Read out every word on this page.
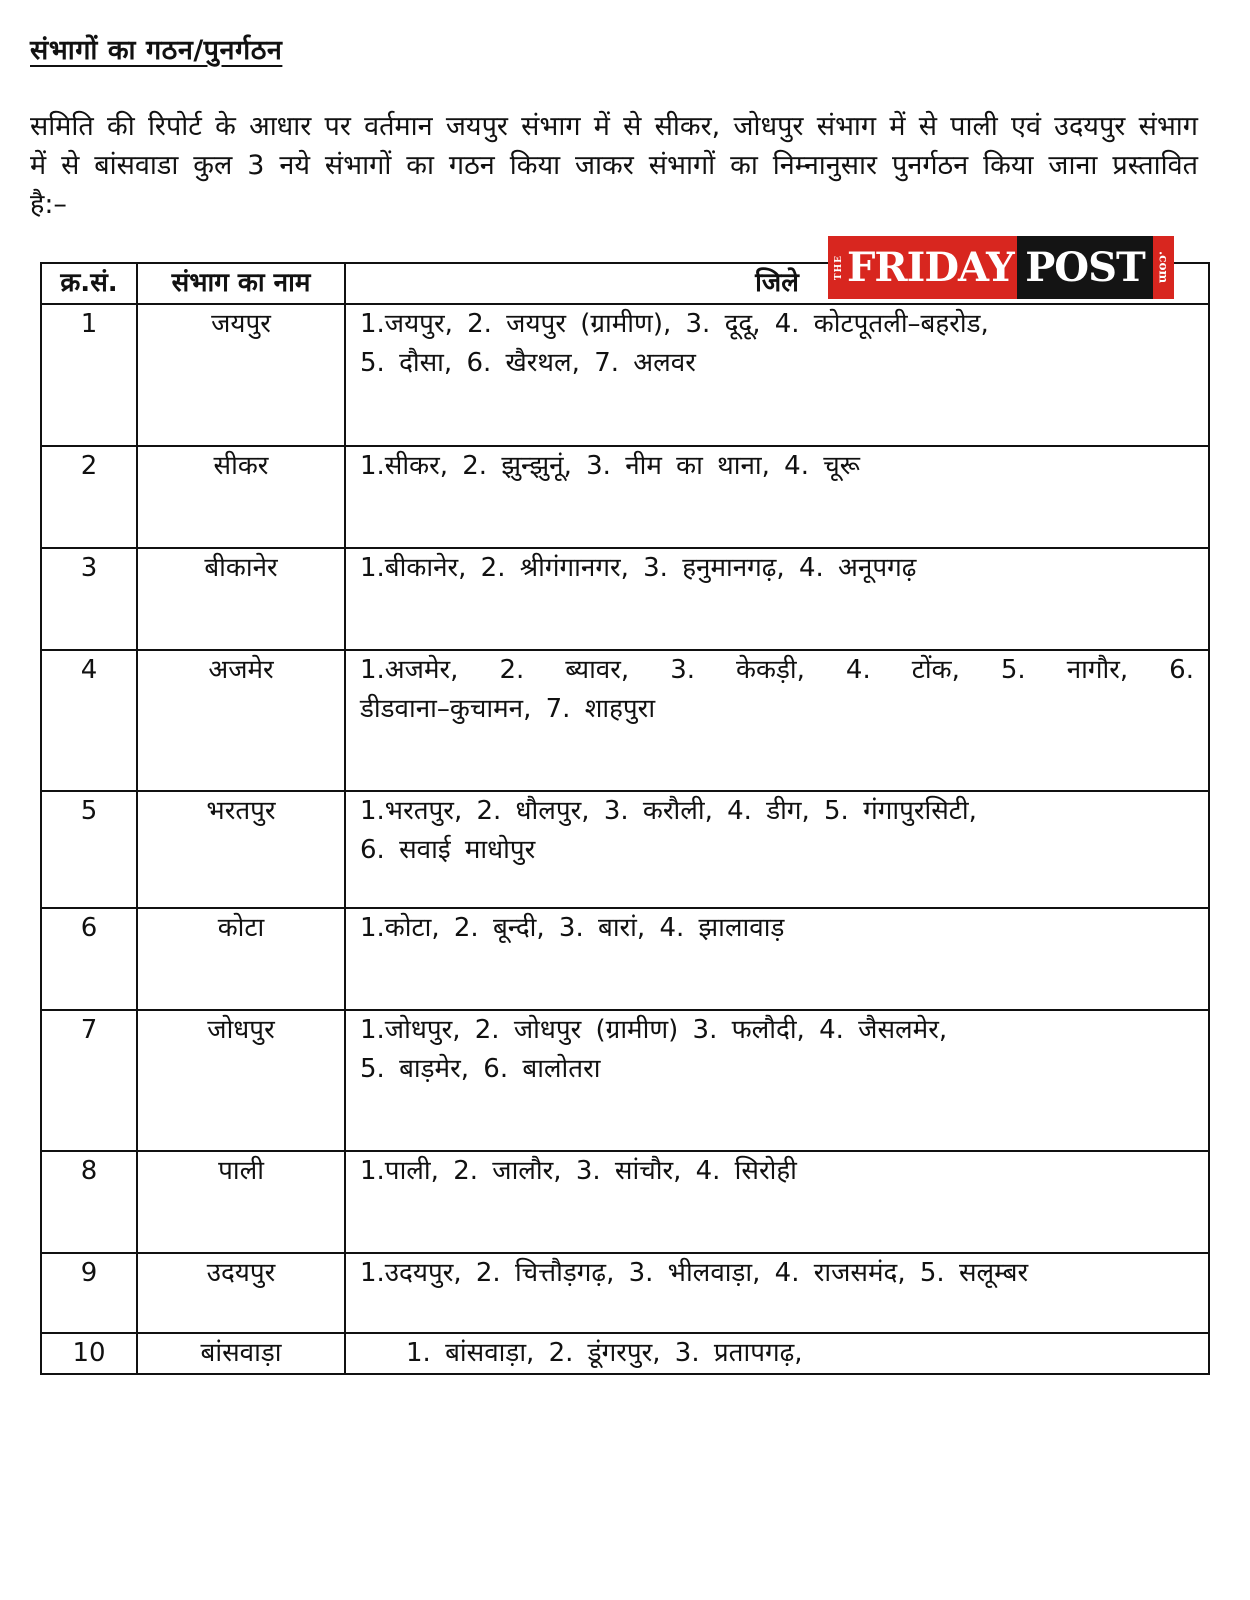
संभागों का गठन/पुनर्गठन
समिति की रिपोर्ट के आधार पर वर्तमान जयपुर संभाग में से सीकर, जोधपुर संभाग में से पाली एवं उदयपुर संभाग में से बांसवाडा कुल 3 नये संभागों का गठन किया जाकर संभागों का निम्नानुसार पुनर्गठन किया जाना प्रस्तावित है:–
क्र.सं.	संभाग का नाम	जिले
1	जयपुर	1.जयपुर, 2. जयपुर (ग्रामीण), 3. दूदू, 4. कोटपूतली–बहरोड,
5. दौसा, 6. खैरथल, 7. अलवर

2	सीकर	1.सीकर, 2. झुन्झुनूं, 3. नीम का थाना, 4. चूरू

3	बीकानेर	1.बीकानेर, 2. श्रीगंगानगर, 3. हनुमानगढ़, 4. अनूपगढ़

4	अजमेर	1.अजमेर, 2. ब्यावर, 3. केकड़ी, 4. टोंक, 5. नागौर, 6.
डीडवाना–कुचामन, 7. शाहपुरा

5	भरतपुर	1.भरतपुर, 2. धौलपुर, 3. करौली, 4. डीग, 5. गंगापुरसिटी,
6. सवाई माधोपुर

6	कोटा	1.कोटा, 2. बून्दी, 3. बारां, 4. झालावाड़

7	जोधपुर	1.जोधपुर, 2. जोधपुर (ग्रामीण) 3. फलौदी, 4. जैसलमेर,
5. बाड़मेर, 6. बालोतरा

8	पाली	1.पाली, 2. जालौर, 3. सांचौर, 4. सिरोही

9	उदयपुर	1.उदयपुर, 2. चित्तौड़गढ़, 3. भीलवाड़ा, 4. राजसमंद, 5. सलूम्बर

10	बांसवाड़ा	1. बांसवाड़ा, 2. डूंगरपुर, 3. प्रतापगढ़,
THE FRIDAY POST .com
